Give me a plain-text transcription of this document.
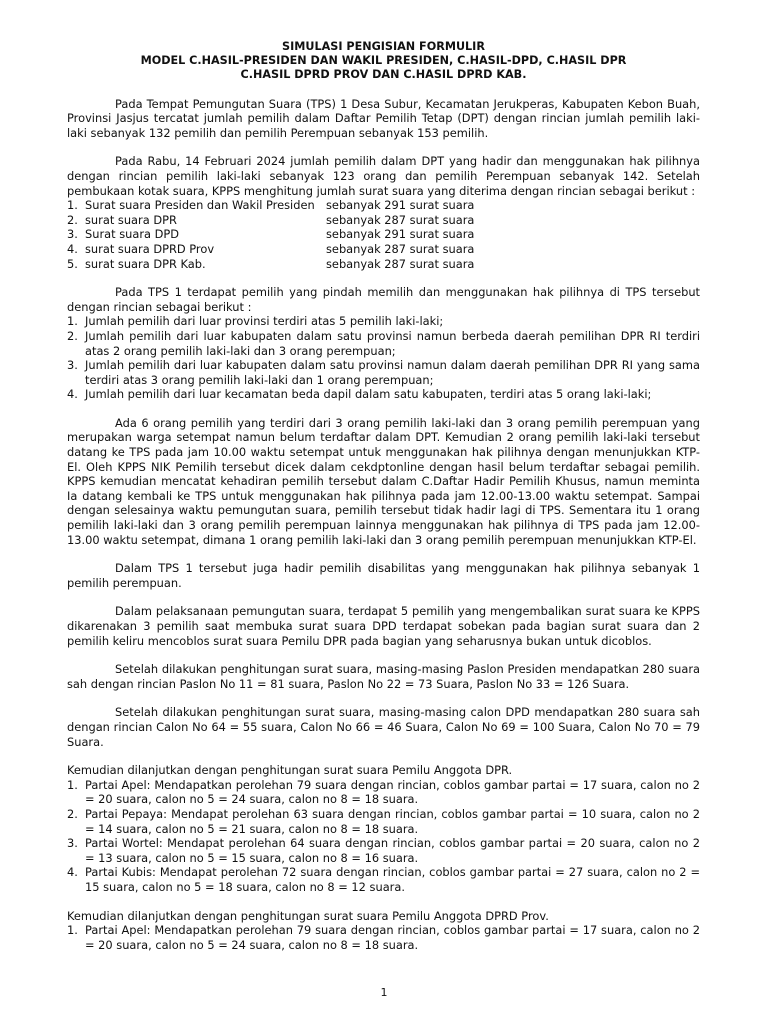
SIMULASI PENGISIAN FORMULIR
MODEL C.HASIL-PRESIDEN DAN WAKIL PRESIDEN, C.HASIL-DPD, C.HASIL DPR
C.HASIL DPRD PROV DAN C.HASIL DPRD KAB.

Pada Tempat Pemungutan Suara (TPS) 1 Desa Subur, Kecamatan Jerukperas, Kabupaten Kebon Buah, Provinsi Jasjus tercatat jumlah pemilih dalam Daftar Pemilih Tetap (DPT) dengan rincian jumlah pemilih laki-laki sebanyak 132 pemilih dan pemilih Perempuan sebanyak 153 pemilih.

Pada Rabu, 14 Februari 2024 jumlah pemilih dalam DPT yang hadir dan menggunakan hak pilihnya dengan rincian pemilih laki-laki sebanyak 123 orang dan pemilih Perempuan sebanyak 142. Setelah pembukaan kotak suara, KPPS menghitung jumlah surat suara yang diterima dengan rincian sebagai berikut :

1. Surat suara Presiden dan Wakil Presiden sebanyak 291 surat suara
2. surat suara DPR	sebanyak 287 surat suara
3. Surat suara DPD	sebanyak 291 surat suara
4. surat suara DPRD Prov	sebanyak 287 surat suara
5. surat suara DPR Kab.	sebanyak 287 surat suara

Pada TPS 1 terdapat pemilih yang pindah memilih dan menggunakan hak pilihnya di TPS tersebut dengan rincian sebagai berikut :

1. Jumlah pemilih dari luar provinsi terdiri atas 5 pemilih laki-laki;
2. Jumlah pemilih dari luar kabupaten dalam satu provinsi namun berbeda daerah pemilihan DPR RI terdiri atas 2 orang pemilih laki-laki dan 3 orang perempuan;
3. Jumlah pemilih dari luar kabupaten dalam satu provinsi namun dalam daerah pemilihan DPR RI yang sama terdiri atas 3 orang pemilih laki-laki dan 1 orang perempuan;
4. Jumlah pemilih dari luar kecamatan beda dapil dalam satu kabupaten, terdiri atas 5 orang laki-laki;

Ada 6 orang pemilih yang terdiri dari 3 orang pemilih laki-laki dan 3 orang pemilih perempuan yang merupakan warga setempat namun belum terdaftar dalam DPT. Kemudian 2 orang pemilih laki-laki tersebut datang ke TPS pada jam 10.00 waktu setempat untuk menggunakan hak pilihnya dengan menunjukkan KTP-El. Oleh KPPS NIK Pemilih tersebut dicek dalam cekdptonline dengan hasil belum terdaftar sebagai pemilih. KPPS kemudian mencatat kehadiran pemilih tersebut dalam C.Daftar Hadir Pemilih Khusus, namun meminta Ia datang kembali ke TPS untuk menggunakan hak pilihnya pada jam 12.00-13.00 waktu setempat. Sampai dengan selesainya waktu pemungutan suara, pemilih tersebut tidak hadir lagi di TPS. Sementara itu 1 orang pemilih laki-laki dan 3 orang pemilih perempuan lainnya menggunakan hak pilihnya di TPS pada jam 12.00-13.00 waktu setempat, dimana 1 orang pemilih laki-laki dan 3 orang pemilih perempuan menunjukkan KTP-El.

Dalam TPS 1 tersebut juga hadir pemilih disabilitas yang menggunakan hak pilihnya sebanyak 1 pemilih perempuan.

Dalam pelaksanaan pemungutan suara, terdapat 5 pemilih yang mengembalikan surat suara ke KPPS dikarenakan 3 pemilih saat membuka surat suara DPD terdapat sobekan pada bagian surat suara dan 2 pemilih keliru mencoblos surat suara Pemilu DPR pada bagian yang seharusnya bukan untuk dicoblos.

Setelah dilakukan penghitungan surat suara, masing-masing Paslon Presiden mendapatkan 280 suara sah dengan rincian Paslon No 11 = 81 suara, Paslon No 22 = 73 Suara, Paslon No 33 = 126 Suara.

Setelah dilakukan penghitungan surat suara, masing-masing calon DPD mendapatkan 280 suara sah dengan rincian Calon No 64 = 55 suara, Calon No 66 = 46 Suara, Calon No 69 = 100 Suara, Calon No 70 = 79 Suara.

Kemudian dilanjutkan dengan penghitungan surat suara Pemilu Anggota DPR.

1. Partai Apel: Mendapatkan perolehan 79 suara dengan rincian, coblos gambar partai = 17 suara, calon no 2 = 20 suara, calon no 5 = 24 suara, calon no 8 = 18 suara.
2. Partai Pepaya: Mendapat perolehan 63 suara dengan rincian, coblos gambar partai = 10 suara, calon no 2 = 14 suara, calon no 5 = 21 suara, calon no 8 = 18 suara.
3. Partai Wortel: Mendapat perolehan 64 suara dengan rincian, coblos gambar partai = 20 suara, calon no 2 = 13 suara, calon no 5 = 15 suara, calon no 8 = 16 suara.
4. Partai Kubis: Mendapat perolehan 72 suara dengan rincian, coblos gambar partai = 27 suara, calon no 2 = 15 suara, calon no 5 = 18 suara, calon no 8 = 12 suara.

Kemudian dilanjutkan dengan penghitungan surat suara Pemilu Anggota DPRD Prov.

1. Partai Apel: Mendapatkan perolehan 79 suara dengan rincian, coblos gambar partai = 17 suara, calon no 2 = 20 suara, calon no 5 = 24 suara, calon no 8 = 18 suara.
1
